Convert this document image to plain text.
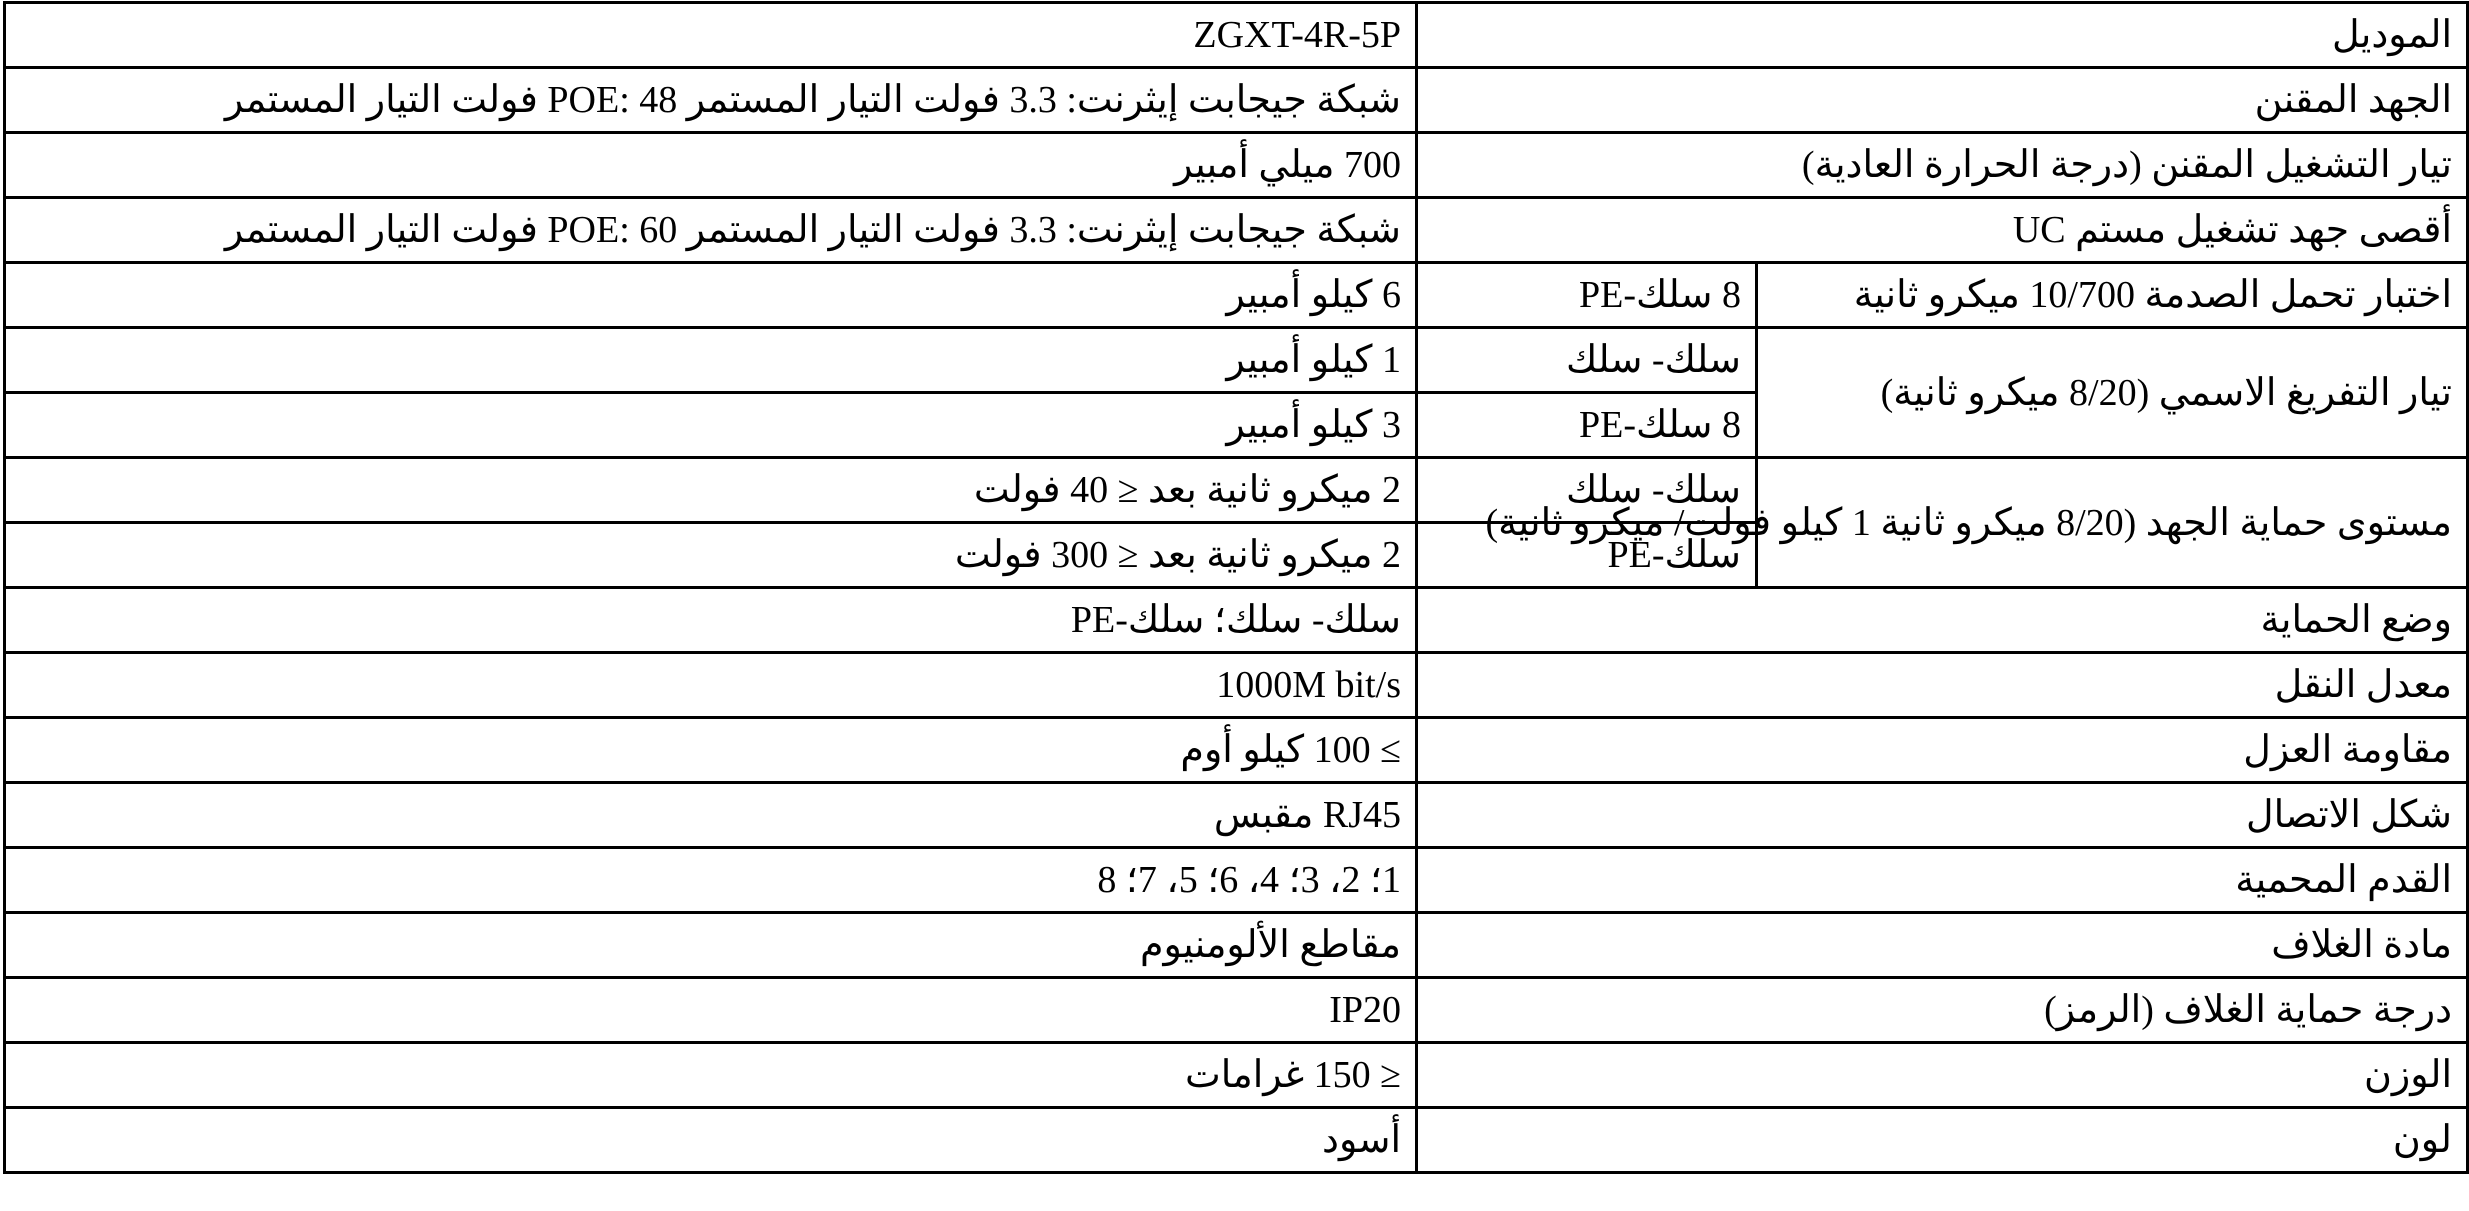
الموديل		ZGXT-4R-5P
الجهد المقنن		شبكة جيجابت إيثرنت: 3.3 فولت التيار المستمر POE: 48 فولت التيار المستمر
تيار التشغيل المقنن (درجة الحرارة العادية)		700 ميلي أمبير
أقصى جهد تشغيل مستم UC		شبكة جيجابت إيثرنت: 3.3 فولت التيار المستمر POE: 60 فولت التيار المستمر
اختبار تحمل الصدمة 10/700 ميكرو ثانية	8 سلك-PE	6 كيلو أمبير
تيار التفريغ الاسمي (8/20 ميكرو ثانية)	سلك- سلك	1 كيلو أمبير
	8 سلك-PE	3 كيلو أمبير
مستوى حماية الجهد (8/20 ميكرو ثانية 1 كيلو فولت/ ميكرو ثانية)	سلك- سلك	2 ميكرو ثانية بعد ≤ 40 فولت
	سلك-PE	2 ميكرو ثانية بعد ≤ 300 فولت
وضع الحماية		سلك- سلك؛ سلك-PE
معدل النقل		1000M bit/s
مقاومة العزل		≥ 100 كيلو أوم
شكل الاتصال		RJ45 مقبس
القدم المحمية		1؛ 2، 3؛ 4، 6؛ 5، 7؛ 8
مادة الغلاف		مقاطع الألومنيوم
درجة حماية الغلاف (الرمز)		IP20
الوزن		≤ 150 غرامات
لون		أسود
